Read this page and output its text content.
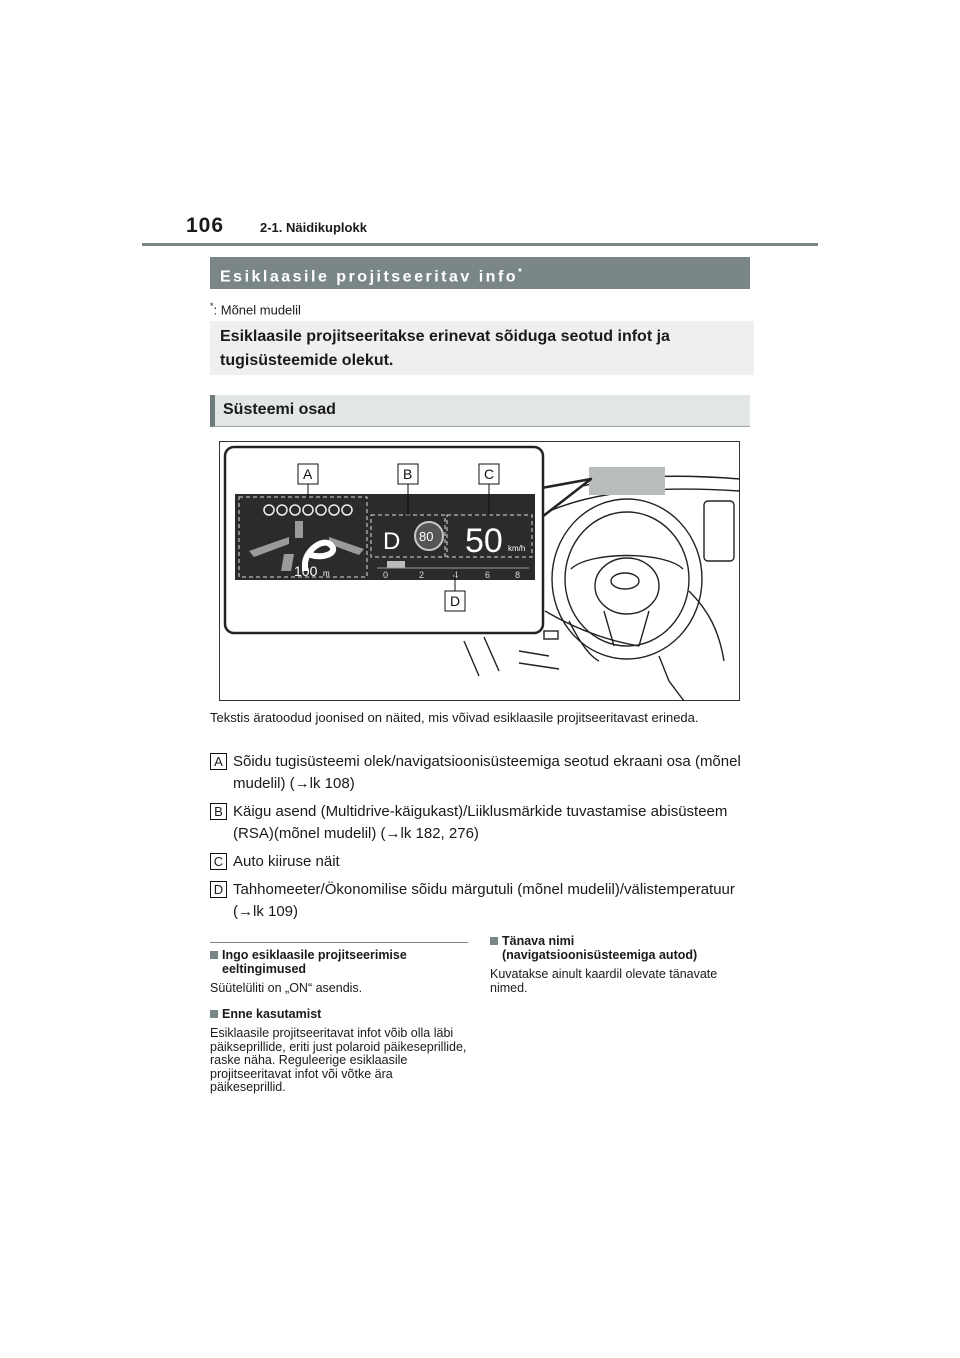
106	2-1. Näidikuplokk
Esiklaasile projitseeritav info*
*: Mõnel mudelil
Esiklaasile projitseeritakse erinevat sõiduga seotud infot ja tugisüsteemide olekut.
Süsteemi osad
100 m
D 80 50 km/h
0	2	4	6	8
A	B	C
D
Tekstis äratoodud joonised on näited, mis võivad esiklaasile projitseeritavast erineda.
A Sõidu tugisüsteemi olek/navigatsioonisüsteemiga seotud ekraani osa (mõnel mudelil) (→lk 108)
B Käigu asend (Multidrive-käigukast)/Liiklusmärkide tuvastamise abisüsteem (RSA)(mõnel mudelil) (→lk 182, 276)
C Auto kiiruse näit
D Tahhomeeter/Ökonomilise sõidu märgutuli (mõnel mudelil)/välistemperatuur (→lk 109)
Ingo esiklaasile projitseerimise
eeltingimused

Süütelüliti on „ON“ asendis.

Enne kasutamist

Esiklaasile projitseeritavat infot võib olla läbi päikseprillide, eriti just polaroid päikeseprillide, raske näha. Reguleerige esiklaasile projitseeritavat infot või võtke ära päikeseprillid.

Tänava nimi
(navigatsioonisüsteemiga autod)

Kuvatakse ainult kaardil olevate tänavate nimed.
